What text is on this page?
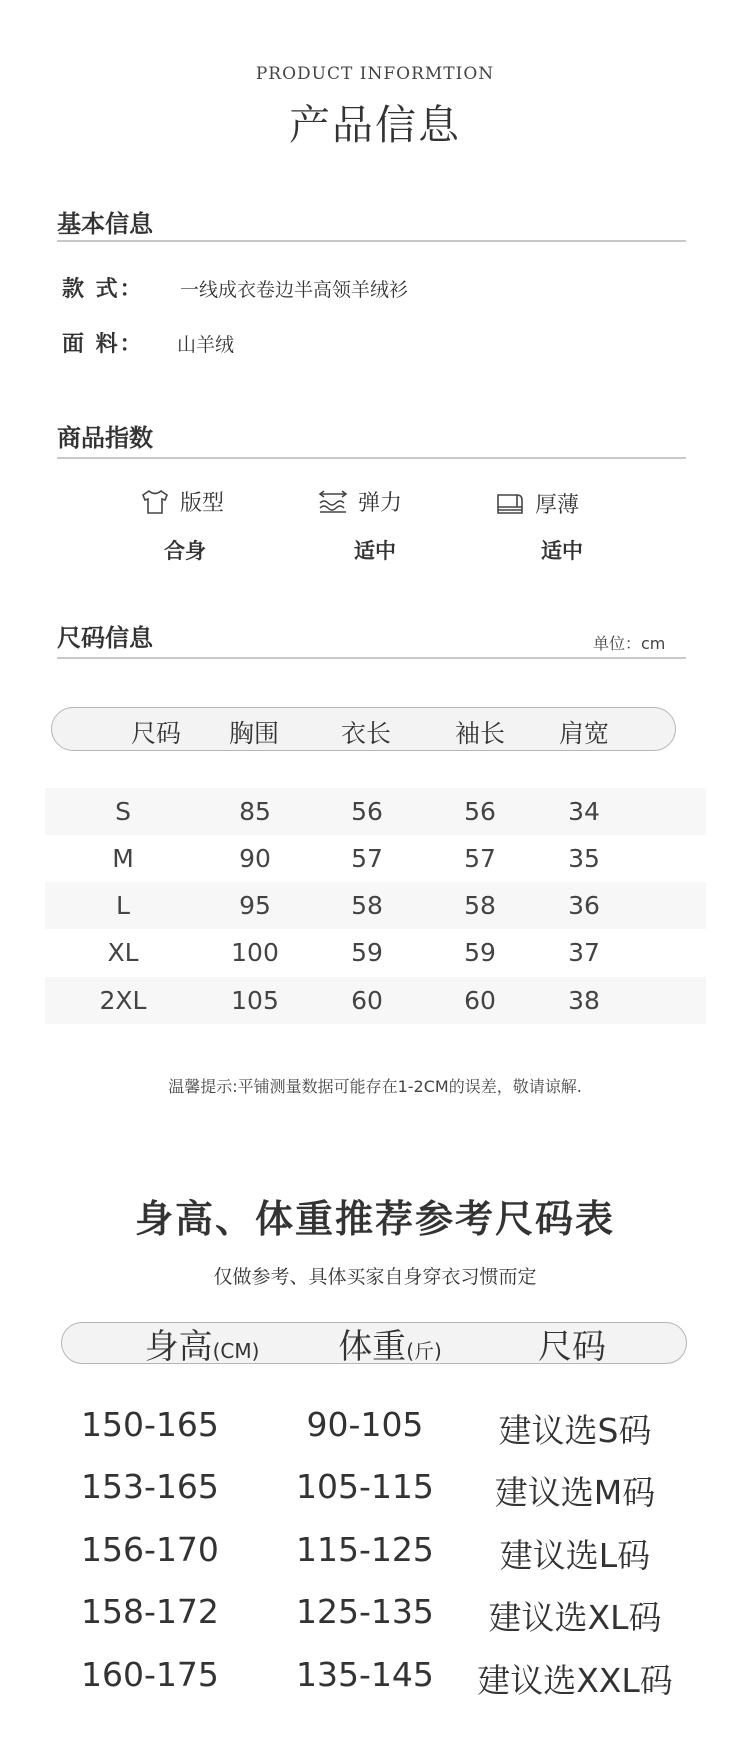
PRODUCT INFORMTION
产品信息
基本信息
款 式： 一线成衣卷边半高领羊绒衫
面 料： 山羊绒
商品指数
版型
合身
弹力
适中
厚薄
适中
尺码信息	单位：cm
尺码	胸围	衣长	袖长	肩宽
S	85	56	56	34
M	90	57	57	35
L	95	58	58	36
XL	100	59	59	37
2XL	105	60	60	38
温馨提示:平铺测量数据可能存在1-2CM的误差，敬请谅解.
身高、体重推荐参考尺码表
仅做参考、具体买家自身穿衣习惯而定
身高(CM)	体重(斤)	尺码
150-165	90-105	建议选S码
153-165	105-115	建议选M码
156-170	115-125	建议选L码
158-172	125-135	建议选XL码
160-175	135-145 建议选XXL码
